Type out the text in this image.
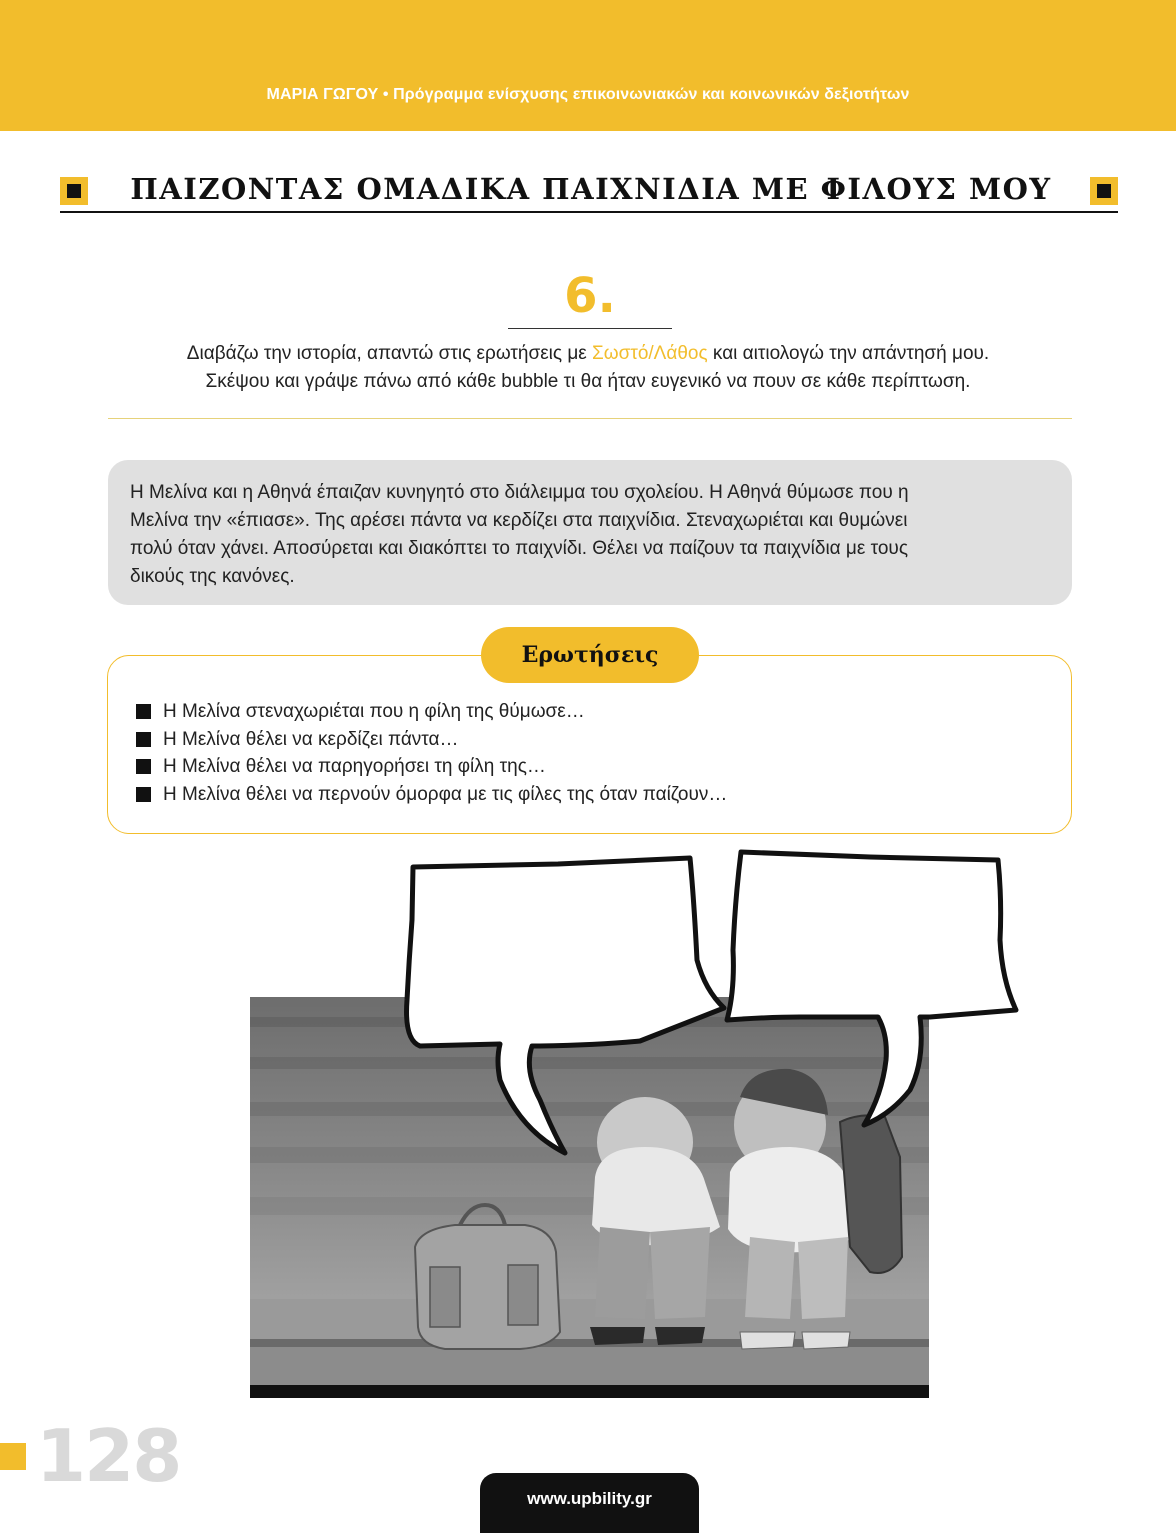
ΜΑΡΙΑ ΓΩΓΟΥ • Πρόγραμμα ενίσχυσης επικοινωνιακών και κοινωνικών δεξιοτήτων
ΠΑΙΖΟΝΤΑΣ ΟΜΑΔΙΚΑ ΠΑΙΧΝΙΔΙΑ ΜΕ ΦΙΛΟΥΣ ΜΟΥ
6.
Διαβάζω την ιστορία, απαντώ στις ερωτήσεις με Σωστό/Λάθος και αιτιολογώ την απάντησή μου.
Σκέψου και γράψε πάνω από κάθε bubble τι θα ήταν ευγενικό να πουν σε κάθε περίπτωση.
Η Μελίνα και η Αθηνά έπαιζαν κυνηγητό στο διάλειμμα του σχολείου. Η Αθηνά θύμωσε που η
Μελίνα την «έπιασε». Της αρέσει πάντα να κερδίζει στα παιχνίδια. Στεναχωριέται και θυμώνει
πολύ όταν χάνει. Αποσύρεται και διακόπτει το παιχνίδι. Θέλει να παίζουν τα παιχνίδια με τους
δικούς της κανόνες.
Ερωτήσεις
Η Μελίνα στεναχωριέται που η φίλη της θύμωσε…
Η Μελίνα θέλει να κερδίζει πάντα…
Η Μελίνα θέλει να παρηγορήσει τη φίλη της…
Η Μελίνα θέλει να περνούν όμορφα με τις φίλες της όταν παίζουν…
128
www.upbility.gr
